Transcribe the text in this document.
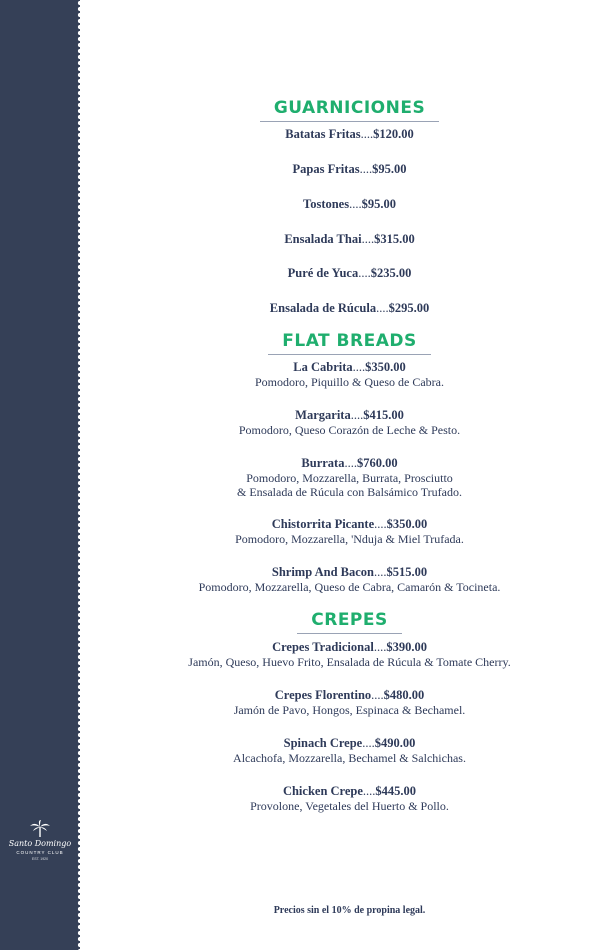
Santo Domingo
COUNTRY CLUB
EST. 1920
GUARNICIONES
Batatas Fritas....$120.00
Papas Fritas....$95.00
Tostones....$95.00
Ensalada Thai....$315.00
Puré de Yuca....$235.00
Ensalada de Rúcula....$295.00
FLAT BREADS
La Cabrita....$350.00
Pomodoro, Piquillo & Queso de Cabra.
Margarita....$415.00
Pomodoro, Queso Corazón de Leche & Pesto.
Burrata....$760.00
Pomodoro, Mozzarella, Burrata, Prosciutto
& Ensalada de Rúcula con Balsámico Trufado.
Chistorrita Picante....$350.00
Pomodoro, Mozzarella, 'Nduja & Miel Trufada.
Shrimp And Bacon....$515.00
Pomodoro, Mozzarella, Queso de Cabra, Camarón & Tocineta.
CREPES
Crepes Tradicional....$390.00
Jamón, Queso, Huevo Frito, Ensalada de Rúcula & Tomate Cherry.
Crepes Florentino....$480.00
Jamón de Pavo, Hongos, Espinaca & Bechamel.
Spinach Crepe....$490.00
Alcachofa, Mozzarella, Bechamel & Salchichas.
Chicken Crepe....$445.00
Provolone, Vegetales del Huerto & Pollo.
Precios sin el 10% de propina legal.
